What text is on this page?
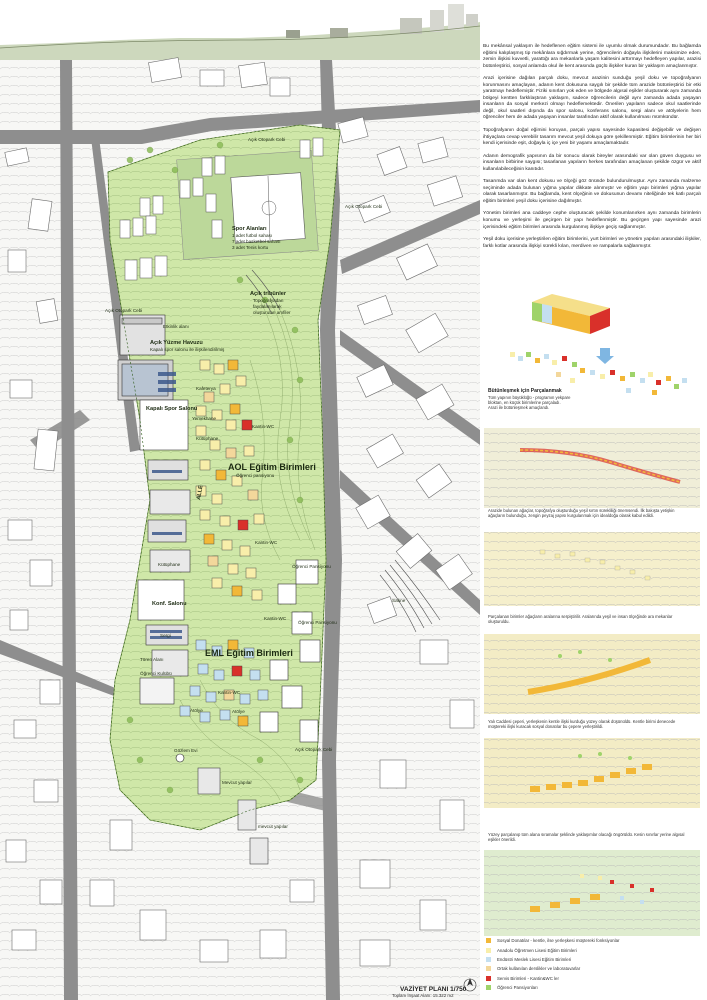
Açık Otopark Cebi
Açık Otopark Cebi
Açık Otopark Cebi
Açık Otopark Cebi
Spor Alanları
1 adet futbol sahası
7 adet basketbol sahası
3 adet Tenis kortu
Açık tribünler
Topoğrafyadan
faydalanılarak
oluşturulan amfiler
Etkinlik alanı
Açık Yüzme Havuzu
Kapalı spor salonu ile ilişkilendirilmiş
Kapalı Spor Salonu
Kafeterya
Yemekhane
Kütüphane
Kantin-WC
AOL Eğitim Birimleri
Öğrenci pansiyonu
ALLE
Kütüphane
Kantin-WC
Konf. Salonu
Sergi
Kantin-WC
Öğrenci Pansiyonu
Öğrenci Pansiyonu
EML Eğitim Birimleri
Tören Alanı
Öğrenci Kulübü
Kantin-WC
Atölye	Atölye
Gözlem Evi
Mevcut yapılar
mevcut yapılar
Sahne

Bu mekânsal yaklaşım ile hedeflenen eğitim sistemi ile uyumlu olmak durumundadır. Bu bağlamda eğitimi kalıplaşmış tip mekânlara sığdırmak yerine, öğrencilerin doğayla ilişkilerini maksimize eden, zemin ilişkisi kuvvetli, yarattığı ara mekanlarla yaşam kalitesini arttırmayı hedefleyen yapılar, arazisi bütünleştirici, sosyal anlamda okul ile kent arasında güçlü ilişkiler kuran bir yaklaşım amaçlanmıştır.

Arazi içerisine dağılan parçalı doku, mevcut arazinin sunduğu yeşil doku ve topoğrafyanın korunmasını amaçlayan, adanın kent dokusuna saygılı bir şekilde tüm arazide bütünleştirici bir etki yaratmayı hedeflemiştir. Fiziki sınırları yok eden ve bölgede algısal eşikler oluşturarak aynı zamanda bölgeyi kentten farklılaştıran yaklaşım, sadece öğrencilerin değil aynı zamanda adada yaşayan insanların da sosyal merkezi olmayı hedeflemektedir. Önerilen yapıların sadece okul saatlerinde değil, okul saatleri dışında da spor salonu, konferans salonu, sergi alanı ve atölyelerin hem öğrenciler hem de adada yaşayan insanlar tarafından aktif olarak kullanılması mümkündür.

Topoğrafyanın doğal eğimini koruyan, parçalı yapısı sayesinde kapasitesi değişebilir ve değişen ihtiyaçlara cevap verebilir tasarım mevcut yeşil dokuya göre şekillenmiştir. Eğitim birimlerinin her biri kendi içerisinde eşit, doğayla iç içe yeni bir yaşamı amaçlamaktadır.

Adanın demografik yapısının da bir sonucu olarak bireyler arasındaki var olan güven duygusu ve insanların birbirine saygısı; tasarlanan yapıların herkes tarafından amaçlanan şekilde özgür ve aktif kullanılabileceğinin kanıtıdır.

Tasarımda var olan kent dokusu ve ölçeği göz önünde bulundurulmuştur. Aynı zamanda malzeme seçiminde adada bulunan yığma yapılar dikkate alınmıştır ve eğitim yapı birimleri yığma yapılar olarak tasarlanmıştır. Bu bağlamda, kent ölçeğinin ve dokusunun devamı niteliğinde tek katlı parçalı eğitim birimleri yeşil doku içerisine dağılmıştır.

Yönetim birimleri ana caddeye cephe oluşturacak şekilde konumlanırken aynı zamanda birimlerin konumu ve yerleşimi ile geçirgen bir yapı hedeflenmiştir. Bu geçirgen yapı sayesinde arazi içerisindeki eğitim birimleri arasında kurgulanmış ilişkiye geçiş sağlanmıştır.

Yeşil doku içerisine yerleştirilen eğitim birimlerini, yurt birimleri ve yönetim yapıları arasındaki ilişkiler, farklı kotlar arasında ilişkiyi sürekli kılan, merdiven ve rampalarla sağlanmıştır.

Bütünleşmek için Parçalanmak
Tüm yapının büyüklüğü - programın yekpare
bloktan, en küçük birimlerine parçaladı.
Arazi ile bütünleşmek amaçlandı.
Arazide bulunan ağaçlar, topoğrafya oluşturduğu yeşil sırtın sürekliliği önemsendi. İlk bakışta yetişkin
ağaçların bulunduğu, zengin peyzaj yapısı kurgulanmak için idealdoğa olarak kabul edildi.
Parçalanan birimler ağaçların aralarına serpiştirilir. Aralarında yeşil ve insan ölçeğinde ara mekanlar
oluşturuldu.
Yalı Caddesi çeperi, yerleşkenin kentle ilişki kurduğu yüzey olarak düşünüldü. Kentle birimi denecede
müştereki ilişki kuracak sosyal donatılar bu çepere yerleştirildi.
Yüzey parçalanıp tüm alana sıramalar şeklinde yaklaşımlar olacağı öngörüldü. Kesin sınırlar yerine algısal
eşikler önerildi.
Sosyal Donatılar - kentle, ilse yerleşkesi müştereki fonksiyonlar
Anadolu Öğretmen Lisesi Eğitim Birimleri
Endüstri Meslek Lisesi Eğitim Birimleri
Ortak kullanılan derslikler ve laboratuvarlar
Servis Birimleri - Kantin&WC ler
Öğrenci Pansiyonları
VAZİYET PLANI 1/750
Toplam İnşaat Alanı: 15.322 m2
